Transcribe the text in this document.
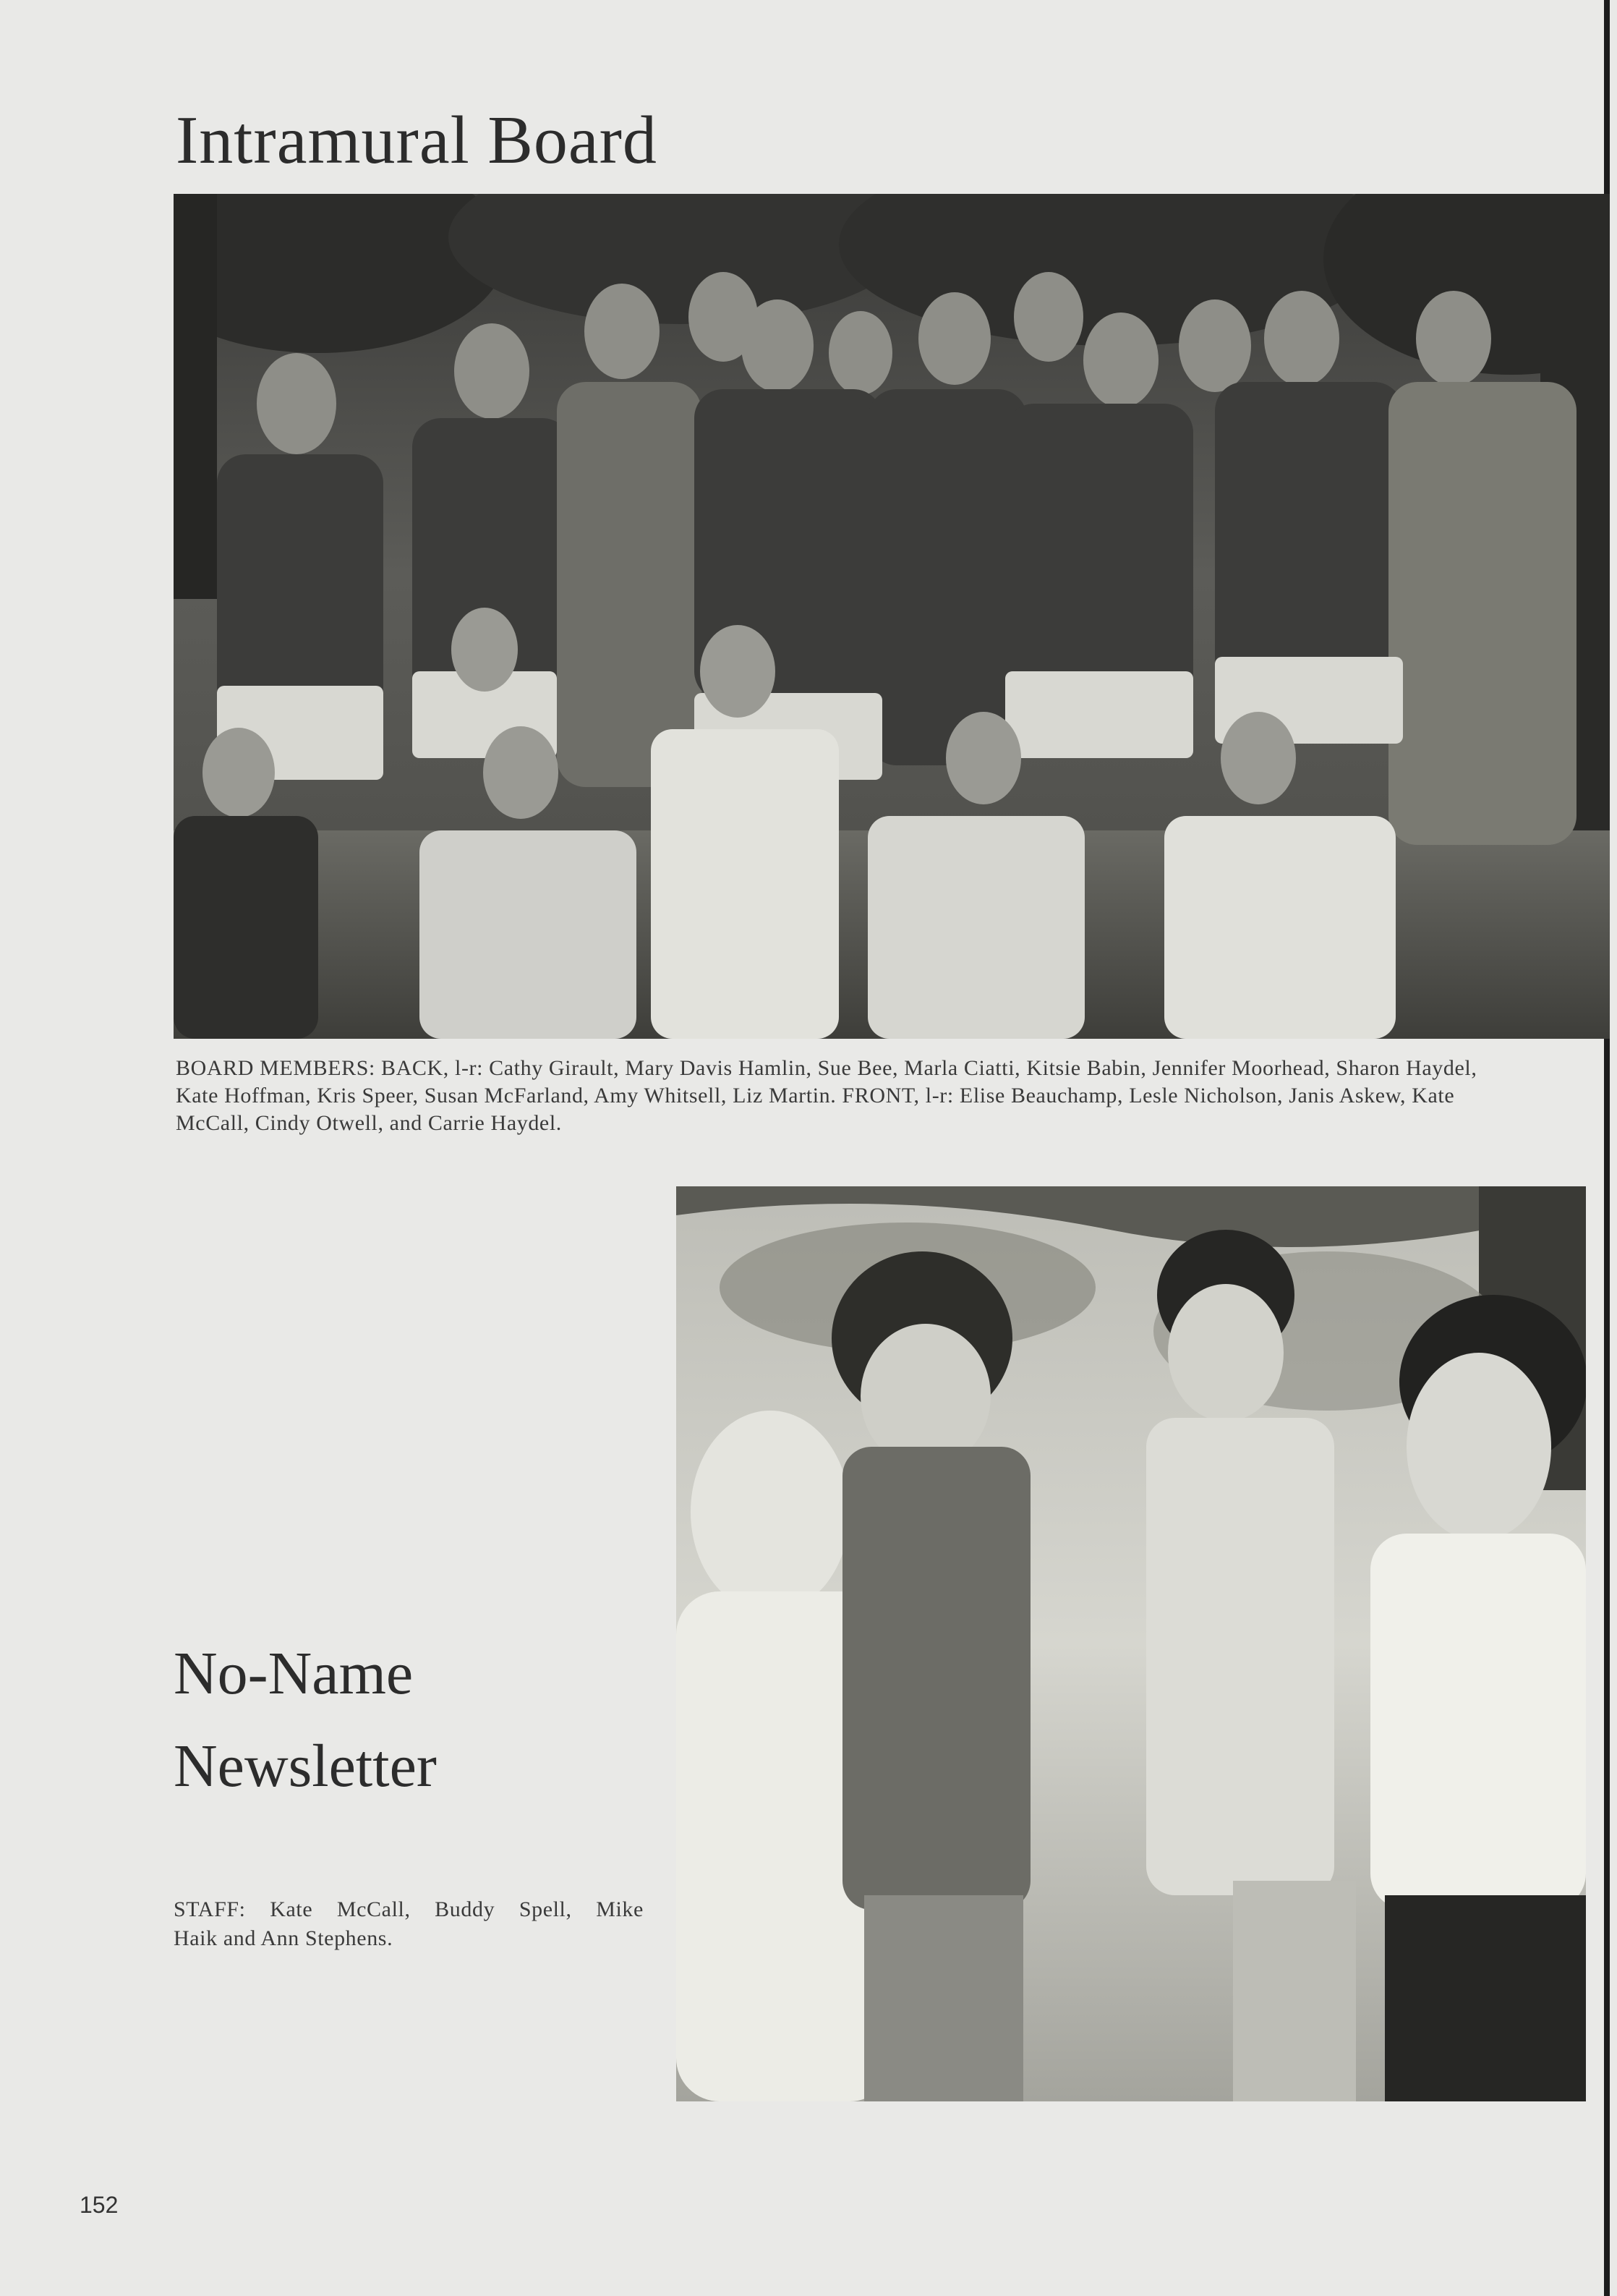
Intramural Board
BOARD MEMBERS: BACK, l-r: Cathy Girault, Mary Davis Hamlin, Sue Bee, Marla Ciatti, Kitsie Babin, Jennifer Moorhead, Sharon Haydel,
Kate Hoffman, Kris Speer, Susan McFarland, Amy Whitsell, Liz Martin. FRONT, l-r: Elise Beauchamp, Lesle Nicholson, Janis Askew, Kate
McCall, Cindy Otwell, and Carrie Haydel.
No-Name
Newsletter
STAFF: Kate McCall, Buddy Spell, Mike
Haik and Ann Stephens.
152
